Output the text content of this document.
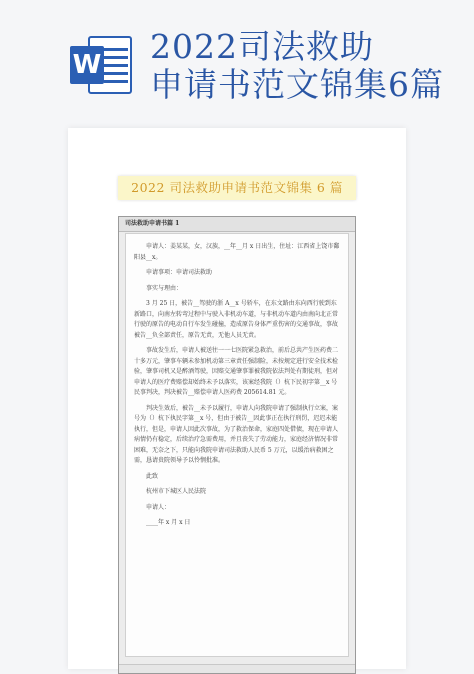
W 2022司法救助
申请书范文锦集6篇
2022 司法救助申请书范文锦集 6 篇
司法救助申请书篇 1

申请人：姜某某，女，汉族，__年__月 x 日出生，住址：江西省上饶市鄱阳县__x。

申请事项：申请司法救助

事实与理由：

3 月 25 日，被告__驾驶的浙 A__x 号轿车，在东文路由东向西行驶到东新路口，向南左转弯过程中与驶入非机动车道，与非机动车道内由南向北正常行驶的原告的电动自行车发生碰撞，造成原告身体严重伤害的交通事故，事故被告__负全部责任，原告无责，无他人员无责。

事故发生后，申请人被送往一一七医院紧急救治，前后总共产生医药费二十多万元，肇事车辆未参加机动第三章责任强制险，未按规定进行安全技术检验，肇事司机又是醉酒驾驶，因赔交通肇事罪被我院依法判处有期徒刑，但对申请人的医疗费赔偿却始终未予以落实，该案经我院（）杭下民初字第__x 号民事判决，判决被告__赔偿申请人医药费 205614.81 元。

判决生效后，被告__未予以履行，申请人向我院申请了强制执行立案，案号为（）杭下执民字第__x 号，但由于被告__因此事正在执行刑罚，迟迟未能执行，但是，申请人因此次事故，为了救治保命，家庭四处借债，现在申请人病情仍有稳定，后续治疗急需费用，并且丧失了劳动能力，家庭经济情况非常困难，无奈之下，只能向我院申请司法救助人民币 5 万元，以缓治病救困之需，恳请贵院领导予以怜悯批准。

此致

杭州市下城区人民法院

申请人：

____年 x 月 x 日
